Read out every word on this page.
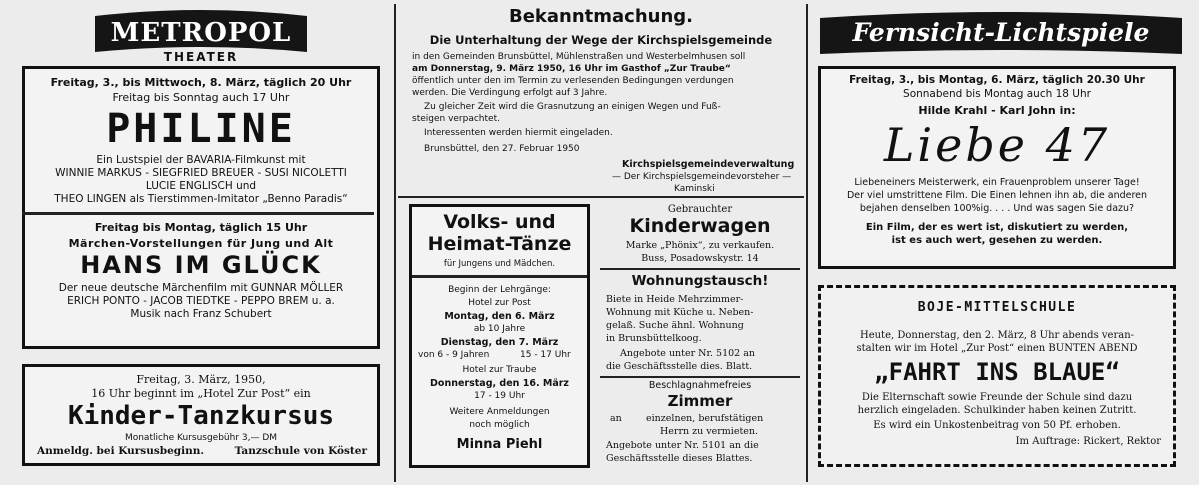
METROPOL
THEATER
Freitag, 3., bis Mittwoch, 8. März, täglich 20 Uhr
Freitag bis Sonntag auch 17 Uhr
PHILINE
Ein Lustspiel der BAVARIA-Filmkunst mit
WINNIE MARKUS - SIEGFRIED BREUER - SUSI NICOLETTI
LUCIE ENGLISCH und
THEO LINGEN als Tierstimmen-Imitator „Benno Paradis“
Freitag bis Montag, täglich 15 Uhr
Märchen-Vorstellungen für Jung und Alt
HANS IM GLÜCK
Der neue deutsche Märchenfilm mit GUNNAR MÖLLER
ERICH PONTO - JACOB TIEDTKE - PEPPO BREM u. a.
Musik nach Franz Schubert
Freitag, 3. März, 1950,
16 Uhr beginnt im „Hotel Zur Post“ ein
Kinder-Tanzkursus
Monatliche Kursusgebühr 3,— DM
Anmeldg. bei Kursusbeginn.	Tanzschule von Köster
Bekanntmachung.
Die Unterhaltung der Wege der Kirchspielsgemeinde
in den Gemeinden Brunsbüttel, Mühlenstraßen und Westerbelmhusen soll
am Donnerstag, 9. März 1950, 16 Uhr im Gasthof „Zur Traube“
öffentlich unter den im Termin zu verlesenden Bedingungen verdungen
werden. Die Verdingung erfolgt auf 3 Jahre.
Zu gleicher Zeit wird die Grasnutzung an einigen Wegen und Fuß-
steigen verpachtet.
Interessenten werden hiermit eingeladen.
Brunsbüttel, den 27. Februar 1950
Kirchspielsgemeindeverwaltung
— Der Kirchspielsgemeindevorsteher —
Kaminski
Volks- und
Heimat-Tänze
für Jungens und Mädchen.
Beginn der Lehrgänge:
Hotel zur Post
Montag, den 6. März
ab 10 Jahre
Dienstag, den 7. März
von 6 - 9 Jahren	15 - 17 Uhr
Hotel zur Traube
Donnerstag, den 16. März
17 - 19 Uhr
Weitere Anmeldungen
noch möglich
Minna Piehl
Gebrauchter
Kinderwagen
Marke „Phönix“, zu verkaufen.
Buss, Posadowskystr. 14
Wohnungstausch!
Biete in Heide Mehrzimmer-
Wohnung mit Küche u. Neben-
gelaß. Suche ähnl. Wohnung
in Brunsbüttelkoog.
Angebote unter Nr. 5102 an
die Geschäftsstelle dies. Blatt.
Beschlagnahmefreies
Zimmer
an	einzelnen, berufstätigen
Herrn zu vermieten.
Angebote unter Nr. 5101 an die
Geschäftsstelle dieses Blattes.
Fernsicht-Lichtspiele
Freitag, 3., bis Montag, 6. März, täglich 20.30 Uhr
Sonnabend bis Montag auch 18 Uhr
Hilde Krahl - Karl John in:
Liebe 47
Liebeneiners Meisterwerk, ein Frauenproblem unserer Tage!
Der viel umstrittene Film. Die Einen lehnen ihn ab, die anderen
bejahen denselben 100%ig. . . . Und was sagen Sie dazu?
Ein Film, der es wert ist, diskutiert zu werden,
ist es auch wert, gesehen zu werden.
BOJE-MITTELSCHULE
Heute, Donnerstag, den 2. März, 8 Uhr abends veran-
stalten wir im Hotel „Zur Post“ einen BUNTEN ABEND
„FAHRT INS BLAUE“
Die Elternschaft sowie Freunde der Schule sind dazu
herzlich eingeladen. Schulkinder haben keinen Zutritt.
Es wird ein Unkostenbeitrag von 50 Pf. erhoben.
Im Auftrage: Rickert, Rektor
